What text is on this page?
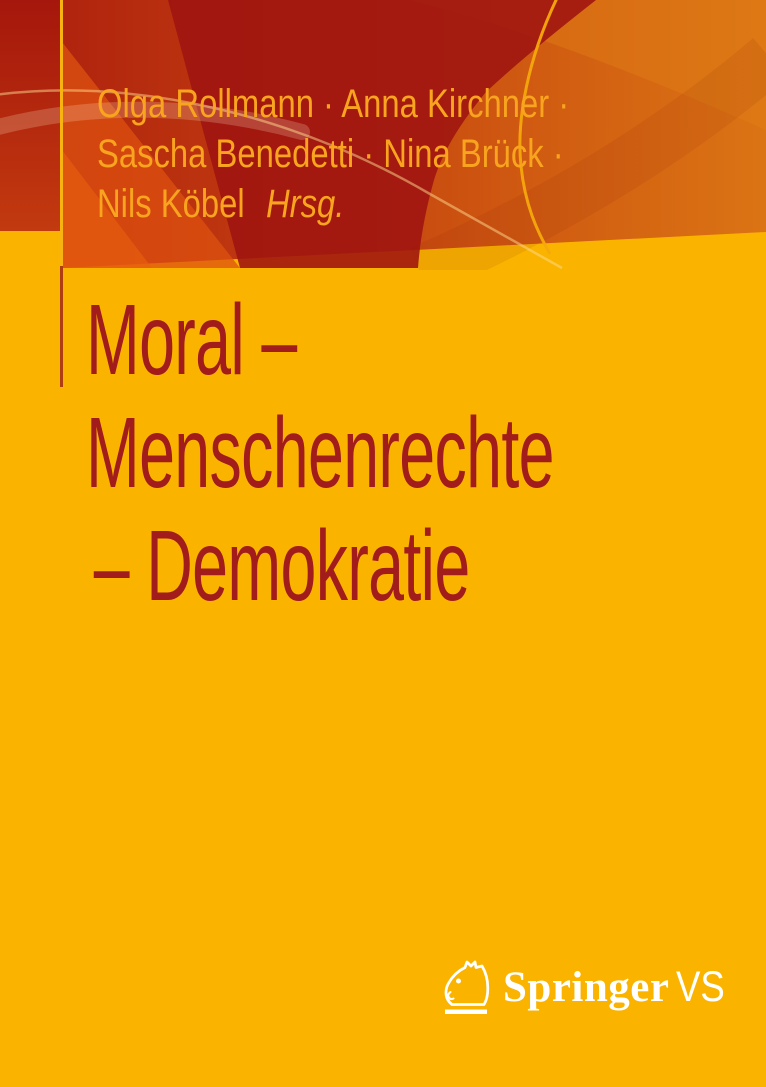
Olga Rollmann · Anna Kirchner ·
Sascha Benedetti · Nina Brück ·
Nils Köbel Hrsg.
Moral –
Menschenrechte
– Demokratie
Springer VS
